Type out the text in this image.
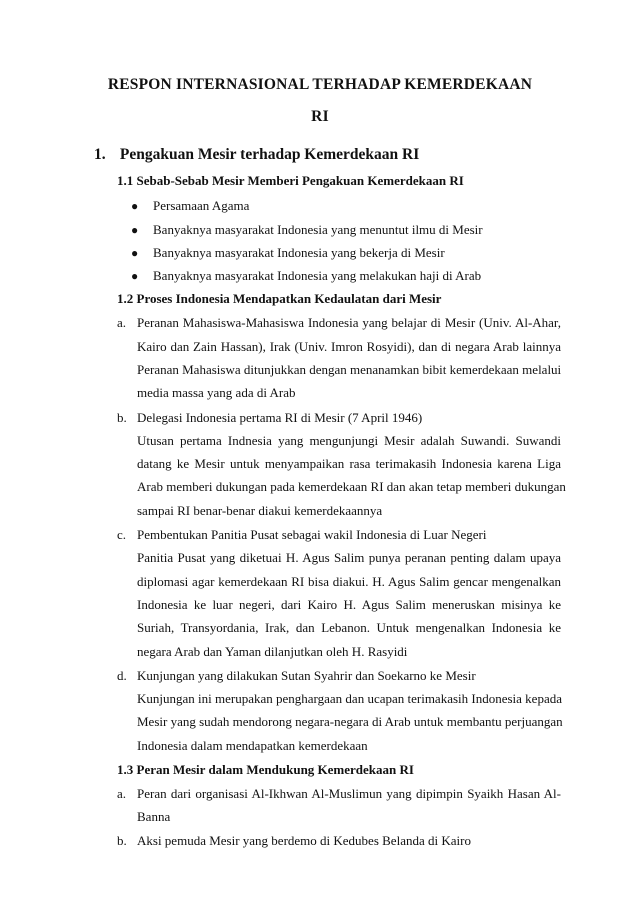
RESPON INTERNASIONAL TERHADAP KEMERDEKAAN
RI
1. Pengakuan Mesir terhadap Kemerdekaan RI
1.1 Sebab-Sebab Mesir Memberi Pengakuan Kemerdekaan RI
● Persamaan Agama
● Banyaknya masyarakat Indonesia yang menuntut ilmu di Mesir
● Banyaknya masyarakat Indonesia yang bekerja di Mesir
● Banyaknya masyarakat Indonesia yang melakukan haji di Arab
1.2 Proses Indonesia Mendapatkan Kedaulatan dari Mesir
a. Peranan Mahasiswa-Mahasiswa Indonesia yang belajar di Mesir (Univ. Al-Ahar,
Kairo dan Zain Hassan), Irak (Univ. Imron Rosyidi), dan di negara Arab lainnya
Peranan Mahasiswa ditunjukkan dengan menanamkan bibit kemerdekaan melalui
media massa yang ada di Arab
b. Delegasi Indonesia pertama RI di Mesir (7 April 1946)
Utusan pertama Indnesia yang mengunjungi Mesir adalah Suwandi. Suwandi
datang ke Mesir untuk menyampaikan rasa terimakasih Indonesia karena Liga
Arab memberi dukungan pada kemerdekaan RI dan akan tetap memberi dukungan
sampai RI benar-benar diakui kemerdekaannya
c. Pembentukan Panitia Pusat sebagai wakil Indonesia di Luar Negeri
Panitia Pusat yang diketuai H. Agus Salim punya peranan penting dalam upaya
diplomasi agar kemerdekaan RI bisa diakui. H. Agus Salim gencar mengenalkan
Indonesia ke luar negeri, dari Kairo H. Agus Salim meneruskan misinya ke
Suriah, Transyordania, Irak, dan Lebanon. Untuk mengenalkan Indonesia ke
negara Arab dan Yaman dilanjutkan oleh H. Rasyidi
d. Kunjungan yang dilakukan Sutan Syahrir dan Soekarno ke Mesir
Kunjungan ini merupakan penghargaan dan ucapan terimakasih Indonesia kepada
Mesir yang sudah mendorong negara-negara di Arab untuk membantu perjuangan
Indonesia dalam mendapatkan kemerdekaan
1.3 Peran Mesir dalam Mendukung Kemerdekaan RI
a. Peran dari organisasi Al-Ikhwan Al-Muslimun yang dipimpin Syaikh Hasan Al-
Banna
b. Aksi pemuda Mesir yang berdemo di Kedubes Belanda di Kairo
